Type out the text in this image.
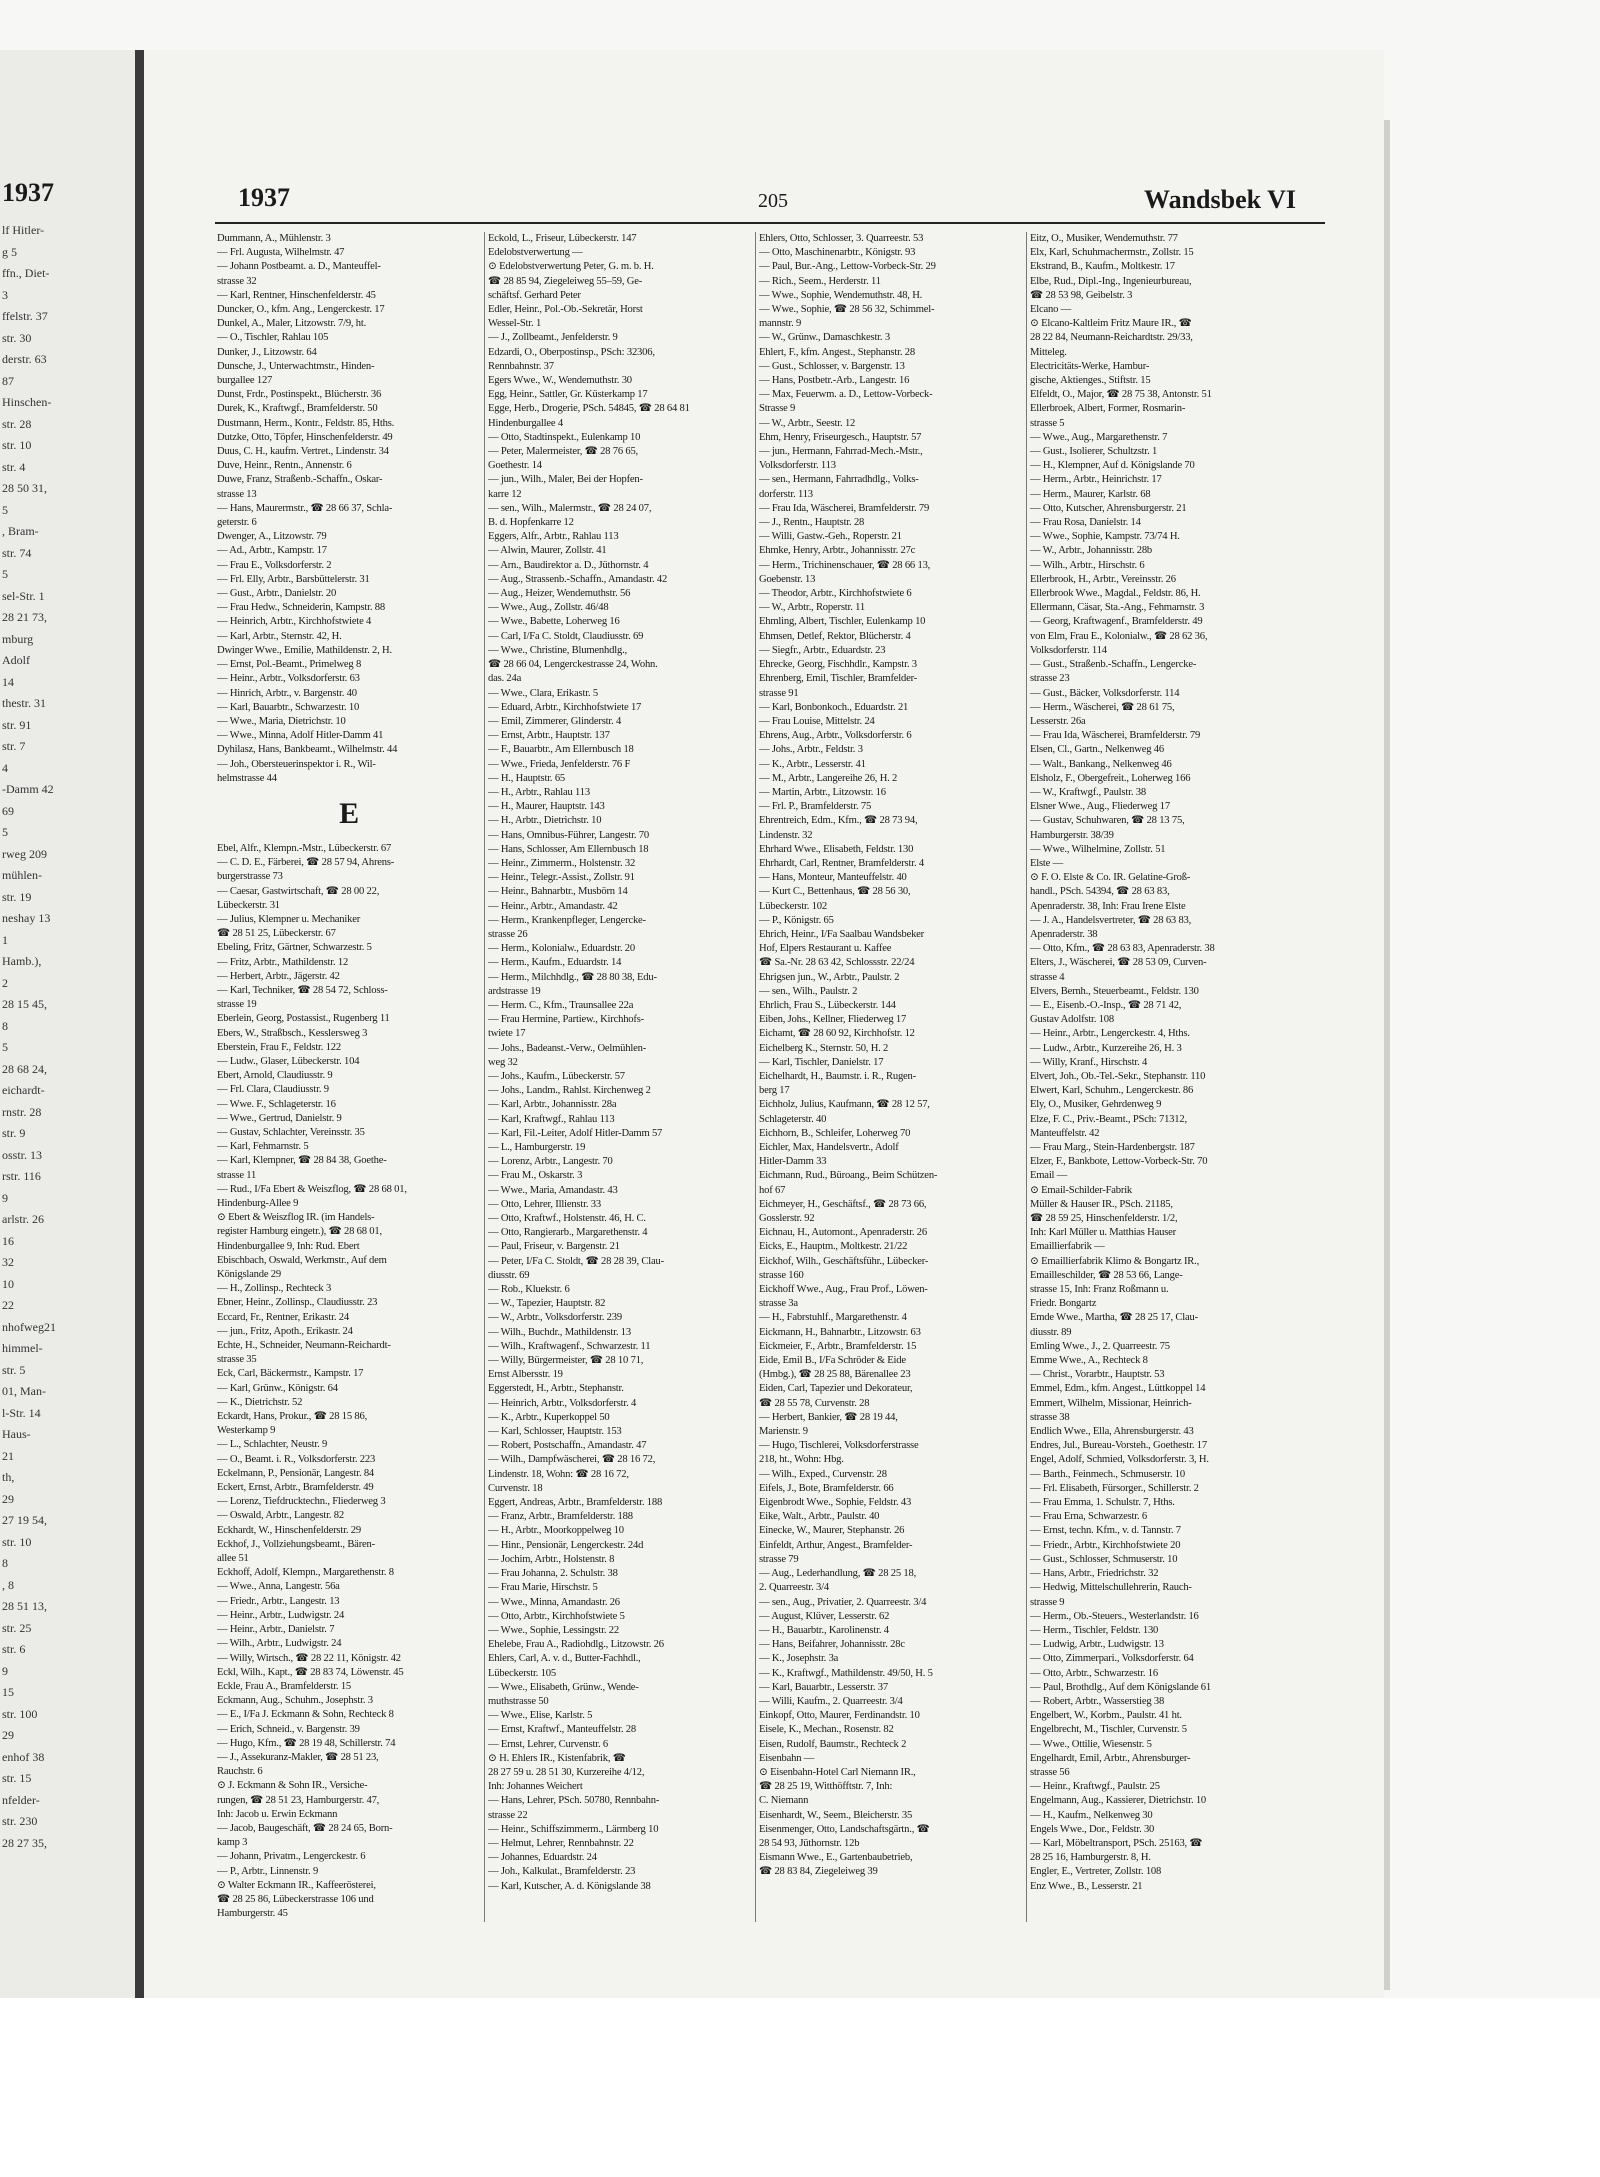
1937
lf Hitler-
g 5
ffn., Diet-
3
ffelstr. 37
str. 30
derstr. 63
87
Hinschen-
str. 28
str. 10
str. 4
28 50 31,
5
, Bram-
str. 74
5
sel-Str. 1
28 21 73,
mburg
Adolf
14
thestr. 31
str. 91
str. 7
4
-Damm 42
69
5
rweg 209
mühlen-
str. 19
neshay 13
1
Hamb.),
2
28 15 45,
8
5
28 68 24,
eichardt-
rnstr. 28
str. 9
osstr. 13
rstr. 116
9
arlstr. 26
16
32
10
22
nhofweg21
himmel-
str. 5
01, Man-
l-Str. 14
Haus-
21
th,
29
27 19 54,
str. 10
8
, 8
28 51 13,
str. 25
str. 6
9
15
str. 100
29
enhof 38
str. 15
nfelder-
str. 230
28 27 35,
1937	205	Wandsbek VI
Dummann, A., Mühlenstr. 3
— Frl. Augusta, Wilhelmstr. 47
— Johann Postbeamt. a. D., Manteuffel-
strasse 32
— Karl, Rentner, Hinschenfelderstr. 45
Duncker, O., kfm. Ang., Lengerckestr. 17
Dunkel, A., Maler, Litzowstr. 7/9, ht.
— O., Tischler, Rahlau 105
Dunker, J., Litzowstr. 64
Dunsche, J., Unterwachtmstr., Hinden-
burgallee 127
Dunst, Frdr., Postinspekt., Blücherstr. 36
Durek, K., Kraftwgf., Bramfelderstr. 50
Dustmann, Herm., Kontr., Feldstr. 85, Hths.
Dutzke, Otto, Töpfer, Hinschenfelderstr. 49
Duus, C. H., kaufm. Vertret., Lindenstr. 34
Duve, Heinr., Rentn., Annenstr. 6
Duwe, Franz, Straßenb.-Schaffn., Oskar-
strasse 13
— Hans, Maurermstr., ☎ 28 66 37, Schla-
geterstr. 6
Dwenger, A., Litzowstr. 79
— Ad., Arbtr., Kampstr. 17
— Frau E., Volksdorferstr. 2
— Frl. Elly, Arbtr., Barsbüttelerstr. 31
— Gust., Arbtr., Danielstr. 20
— Frau Hedw., Schneiderin, Kampstr. 88
— Heinrich, Arbtr., Kirchhofstwiete 4
— Karl, Arbtr., Sternstr. 42, H.
Dwinger Wwe., Emilie, Mathildenstr. 2, H.
— Ernst, Pol.-Beamt., Primelweg 8
— Heinr., Arbtr., Volksdorferstr. 63
— Hinrich, Arbtr., v. Bargenstr. 40
— Karl, Bauarbtr., Schwarzestr. 10
— Wwe., Maria, Dietrichstr. 10
— Wwe., Minna, Adolf Hitler-Damm 41
Dyhilasz, Hans, Bankbeamt., Wilhelmstr. 44
— Joh., Obersteuerinspektor i. R., Wil-
helmstrasse 44
E
Ebel, Alfr., Klempn.-Mstr., Lübeckerstr. 67
— C. D. E., Färberei, ☎ 28 57 94, Ahrens-
burgerstrasse 73
— Caesar, Gastwirtschaft, ☎ 28 00 22,
Lübeckerstr. 31
— Julius, Klempner u. Mechaniker
☎ 28 51 25, Lübeckerstr. 67
Ebeling, Fritz, Gärtner, Schwarzestr. 5
— Fritz, Arbtr., Mathildenstr. 12
— Herbert, Arbtr., Jägerstr. 42
— Karl, Techniker, ☎ 28 54 72, Schloss-
strasse 19
Eberlein, Georg, Postassist., Rugenberg 11
Ebers, W., Straßbsch., Kesslersweg 3
Eberstein, Frau F., Feldstr. 122
— Ludw., Glaser, Lübeckerstr. 104
Ebert, Arnold, Claudiusstr. 9
— Frl. Clara, Claudiusstr. 9
— Wwe. F., Schlageterstr. 16
— Wwe., Gertrud, Danielstr. 9
— Gustav, Schlachter, Vereinsstr. 35
— Karl, Fehmarnstr. 5
— Karl, Klempner, ☎ 28 84 38, Goethe-
strasse 11
— Rud., I/Fa Ebert & Weiszflog, ☎ 28 68 01,
Hindenburg-Allee 9
⊙ Ebert & Weiszflog IR. (im Handels-
register Hamburg eingetr.), ☎ 28 68 01,
Hindenburgallee 9, Inh: Rud. Ebert
Ebischbach, Oswald, Werkmstr., Auf dem
Königslande 29
— H., Zollinsp., Rechteck 3
Ebner, Heinr., Zollinsp., Claudiusstr. 23
Eccard, Fr., Rentner, Erikastr. 24
— jun., Fritz, Apoth., Erikastr. 24
Echte, H., Schneider, Neumann-Reichardt-
strasse 35
Eck, Carl, Bäckermstr., Kampstr. 17
— Karl, Grünw., Königstr. 64
— K., Dietrichstr. 52
Eckardt, Hans, Prokur., ☎ 28 15 86,
Westerkamp 9
— L., Schlachter, Neustr. 9
— O., Beamt. i. R., Volksdorferstr. 223
Eckelmann, P., Pensionär, Langestr. 84
Eckert, Ernst, Arbtr., Bramfelderstr. 49
— Lorenz, Tiefdrucktechn., Fliederweg 3
— Oswald, Arbtr., Langestr. 82
Eckhardt, W., Hinschenfelderstr. 29
Eckhof, J., Vollziehungsbeamt., Bären-
allee 51
Eckhoff, Adolf, Klempn., Margarethenstr. 8
— Wwe., Anna, Langestr. 56a
— Friedr., Arbtr., Langestr. 13
— Heinr., Arbtr., Ludwigstr. 24
— Heinr., Arbtr., Danielstr. 7
— Wilh., Arbtr., Ludwigstr. 24
— Willy, Wirtsch., ☎ 28 22 11, Königstr. 42
Eckl, Wilh., Kapt., ☎ 28 83 74, Löwenstr. 45
Eckle, Frau A., Bramfelderstr. 15
Eckmann, Aug., Schuhm., Josephstr. 3
— E., I/Fa J. Eckmann & Sohn, Rechteck 8
— Erich, Schneid., v. Bargenstr. 39
— Hugo, Kfm., ☎ 28 19 48, Schillerstr. 74
— J., Assekuranz-Makler, ☎ 28 51 23,
Rauchstr. 6
⊙ J. Eckmann & Sohn IR., Versiche-
rungen, ☎ 28 51 23, Hamburgerstr. 47,
Inh: Jacob u. Erwin Eckmann
— Jacob, Baugeschäft, ☎ 28 24 65, Born-
kamp 3
— Johann, Privatm., Lengerckestr. 6
— P., Arbtr., Linnenstr. 9
⊙ Walter Eckmann IR., Kaffeerösterei,
☎ 28 25 86, Lübeckerstrasse 106 und
Hamburgerstr. 45
Eckold, L., Friseur, Lübeckerstr. 147
Edelobstverwertung —
⊙ Edelobstverwertung Peter, G. m. b. H.
☎ 28 85 94, Ziegeleiweg 55–59, Ge-
schäftsf. Gerhard Peter
Edler, Heinr., Pol.-Ob.-Sekretär, Horst
Wessel-Str. 1
— J., Zollbeamt., Jenfelderstr. 9
Edzardi, O., Oberpostinsp., PSch: 32306,
Rennbahnstr. 37
Egers Wwe., W., Wendemuthstr. 30
Egg, Heinr., Sattler, Gr. Küsterkamp 17
Egge, Herb., Drogerie, PSch. 54845, ☎ 28 64 81
Hindenburgallee 4
— Otto, Stadtinspekt., Eulenkamp 10
— Peter, Malermeister, ☎ 28 76 65,
Goethestr. 14
— jun., Wilh., Maler, Bei der Hopfen-
karre 12
— sen., Wilh., Malermstr., ☎ 28 24 07,
B. d. Hopfenkarre 12
Eggers, Alfr., Arbtr., Rahlau 113
— Alwin, Maurer, Zollstr. 41
— Arn., Baudirektor a. D., Jüthornstr. 4
— Aug., Strassenb.-Schaffn., Amandastr. 42
— Aug., Heizer, Wendemuthstr. 56
— Wwe., Aug., Zollstr. 46/48
— Wwe., Babette, Loherweg 16
— Carl, I/Fa C. Stoldt, Claudiusstr. 69
— Wwe., Christine, Blumenhdlg.,
☎ 28 66 04, Lengerckestrasse 24, Wohn.
das. 24a
— Wwe., Clara, Erikastr. 5
— Eduard, Arbtr., Kirchhofstwiete 17
— Emil, Zimmerer, Glinderstr. 4
— Ernst, Arbtr., Hauptstr. 137
— F., Bauarbtr., Am Ellernbusch 18
— Wwe., Frieda, Jenfelderstr. 76 F
— H., Hauptstr. 65
— H., Arbtr., Rahlau 113
— H., Maurer, Hauptstr. 143
— H., Arbtr., Dietrichstr. 10
— Hans, Omnibus-Führer, Langestr. 70
— Hans, Schlosser, Am Ellernbusch 18
— Heinr., Zimmerm., Holstenstr. 32
— Heinr., Telegr.-Assist., Zollstr. 91
— Heinr., Bahnarbtr., Musbörn 14
— Heinr., Arbtr., Amandastr. 42
— Herm., Krankenpfleger, Lengercke-
strasse 26
— Herm., Kolonialw., Eduardstr. 20
— Herm., Kaufm., Eduardstr. 14
— Herm., Milchhdlg., ☎ 28 80 38, Edu-
ardstrasse 19
— Herm. C., Kfm., Traunsallee 22a
— Frau Hermine, Partiew., Kirchhofs-
twiete 17
— Johs., Badeanst.-Verw., Oelmühlen-
weg 32
— Johs., Kaufm., Lübeckerstr. 57
— Johs., Landm., Rahlst. Kirchenweg 2
— Karl, Arbtr., Johannisstr. 28a
— Karl, Kraftwgf., Rahlau 113
— Karl, Fil.-Leiter, Adolf Hitler-Damm 57
— L., Hamburgerstr. 19
— Lorenz, Arbtr., Langestr. 70
— Frau M., Oskarstr. 3
— Wwe., Maria, Amandastr. 43
— Otto, Lehrer, Illienstr. 33
— Otto, Kraftwf., Holstenstr. 46, H. C.
— Otto, Rangierarb., Margarethenstr. 4
— Paul, Friseur, v. Bargenstr. 21
— Peter, I/Fa C. Stoldt, ☎ 28 28 39, Clau-
diusstr. 69
— Rob., Kluekstr. 6
— W., Tapezier, Hauptstr. 82
— W., Arbtr., Volksdorferstr. 239
— Wilh., Buchdr., Mathildenstr. 13
— Wilh., Kraftwagenf., Schwarzestr. 11
— Willy, Bürgermeister, ☎ 28 10 71,
Ernst Albersstr. 19
Eggerstedt, H., Arbtr., Stephanstr.
— Heinrich, Arbtr., Volksdorferstr. 4
— K., Arbtr., Kuperkoppel 50
— Karl, Schlosser, Hauptstr. 153
— Robert, Postschaffn., Amandastr. 47
— Wilh., Dampfwäscherei, ☎ 28 16 72,
Lindenstr. 18, Wohn: ☎ 28 16 72,
Curvenstr. 18
Eggert, Andreas, Arbtr., Bramfelderstr. 188
— Franz, Arbtr., Bramfelderstr. 188
— H., Arbtr., Moorkoppelweg 10
— Hinr., Pensionär, Lengerckestr. 24d
— Jochim, Arbtr., Holstenstr. 8
— Frau Johanna, 2. Schulstr. 38
— Frau Marie, Hirschstr. 5
— Wwe., Minna, Amandastr. 26
— Otto, Arbtr., Kirchhofstwiete 5
— Wwe., Sophie, Lessingstr. 22
Ehelebe, Frau A., Radiohdlg., Litzowstr. 26
Ehlers, Carl, A. v. d., Butter-Fachhdl.,
Lübeckerstr. 105
— Wwe., Elisabeth, Grünw., Wende-
muthstrasse 50
— Wwe., Elise, Karlstr. 5
— Ernst, Kraftwf., Manteuffelstr. 28
— Ernst, Lehrer, Curvenstr. 6
⊙ H. Ehlers IR., Kistenfabrik, ☎
28 27 59 u. 28 51 30, Kurzereihe 4/12,
Inh: Johannes Weichert
— Hans, Lehrer, PSch. 50780, Rennbahn-
strasse 22
— Heinr., Schiffszimmerm., Lärmberg 10
— Helmut, Lehrer, Rennbahnstr. 22
— Johannes, Eduardstr. 24
— Joh., Kalkulat., Bramfelderstr. 23
— Karl, Kutscher, A. d. Königslande 38
Ehlers, Otto, Schlosser, 3. Quarreestr. 53
— Otto, Maschinenarbtr., Königstr. 93
— Paul, Bur.-Ang., Lettow-Vorbeck-Str. 29
— Rich., Seem., Herderstr. 11
— Wwe., Sophie, Wendemuthstr. 48, H.
— Wwe., Sophie, ☎ 28 56 32, Schimmel-
mannstr. 9
— W., Grünw., Damaschkestr. 3
Ehlert, F., kfm. Angest., Stephanstr. 28
— Gust., Schlosser, v. Bargenstr. 13
— Hans, Postbetr.-Arb., Langestr. 16
— Max, Feuerwm. a. D., Lettow-Vorbeck-
Strasse 9
— W., Arbtr., Seestr. 12
Ehm, Henry, Friseurgesch., Hauptstr. 57
— jun., Hermann, Fahrrad-Mech.-Mstr.,
Volksdorferstr. 113
— sen., Hermann, Fahrradhdlg., Volks-
dorferstr. 113
— Frau Ida, Wäscherei, Bramfelderstr. 79
— J., Rentn., Hauptstr. 28
— Willi, Gastw.-Geh., Roperstr. 21
Ehmke, Henry, Arbtr., Johannisstr. 27c
— Herm., Trichinenschauer, ☎ 28 66 13,
Goebenstr. 13
— Theodor, Arbtr., Kirchhofstwiete 6
— W., Arbtr., Roperstr. 11
Ehmling, Albert, Tischler, Eulenkamp 10
Ehmsen, Detlef, Rektor, Blücherstr. 4
— Siegfr., Arbtr., Eduardstr. 23
Ehrecke, Georg, Fischhdlr., Kampstr. 3
Ehrenberg, Emil, Tischler, Bramfelder-
strasse 91
— Karl, Bonbonkoch., Eduardstr. 21
— Frau Louise, Mittelstr. 24
Ehrens, Aug., Arbtr., Volksdorferstr. 6
— Johs., Arbtr., Feldstr. 3
— K., Arbtr., Lesserstr. 41
— M., Arbtr., Langereihe 26, H. 2
— Martin, Arbtr., Litzowstr. 16
— Frl. P., Bramfelderstr. 75
Ehrentreich, Edm., Kfm., ☎ 28 73 94,
Lindenstr. 32
Ehrhard Wwe., Elisabeth, Feldstr. 130
Ehrhardt, Carl, Rentner, Bramfelderstr. 4
— Hans, Monteur, Manteuffelstr. 40
— Kurt C., Bettenhaus, ☎ 28 56 30,
Lübeckerstr. 102
— P., Königstr. 65
Ehrich, Heinr., I/Fa Saalbau Wandsbeker
Hof, Elpers Restaurant u. Kaffee
☎ Sa.-Nr. 28 63 42, Schlossstr. 22/24
Ehrigsen jun., W., Arbtr., Paulstr. 2
— sen., Wilh., Paulstr. 2
Ehrlich, Frau S., Lübeckerstr. 144
Eiben, Johs., Kellner, Fliederweg 17
Eichamt, ☎ 28 60 92, Kirchhofstr. 12
Eichelberg K., Sternstr. 50, H. 2
— Karl, Tischler, Danielstr. 17
Eichelhardt, H., Baumstr. i. R., Rugen-
berg 17
Eichholz, Julius, Kaufmann, ☎ 28 12 57,
Schlageterstr. 40
Eichhorn, B., Schleifer, Loherweg 70
Eichler, Max, Handelsvertr., Adolf
Hitler-Damm 33
Eichmann, Rud., Büroang., Beim Schützen-
hof 67
Eichmeyer, H., Geschäftsf., ☎ 28 73 66,
Gosslerstr. 92
Eichnau, H., Automont., Apenraderstr. 26
Eicks, E., Hauptm., Moltkestr. 21/22
Eickhof, Wilh., Geschäftsführ., Lübecker-
strasse 160
Eickhoff Wwe., Aug., Frau Prof., Löwen-
strasse 3a
— H., Fabrstuhlf., Margarethenstr. 4
Eickmann, H., Bahnarbtr., Litzowstr. 63
Eickmeier, F., Arbtr., Bramfelderstr. 15
Eide, Emil B., I/Fa Schröder & Eide
(Hmbg.), ☎ 28 25 88, Bärenallee 23
Eiden, Carl, Tapezier und Dekorateur,
☎ 28 55 78, Curvenstr. 28
— Herbert, Bankier, ☎ 28 19 44,
Marienstr. 9
— Hugo, Tischlerei, Volksdorferstrasse
218, ht., Wohn: Hbg.
— Wilh., Exped., Curvenstr. 28
Eifels, J., Bote, Bramfelderstr. 66
Eigenbrodt Wwe., Sophie, Feldstr. 43
Eike, Walt., Arbtr., Paulstr. 40
Einecke, W., Maurer, Stephanstr. 26
Einfeldt, Arthur, Angest., Bramfelder-
strasse 79
— Aug., Lederhandlung, ☎ 28 25 18,
2. Quarreestr. 3/4
— sen., Aug., Privatier, 2. Quarreestr. 3/4
— August, Klüver, Lesserstr. 62
— H., Bauarbtr., Karolinenstr. 4
— Hans, Beifahrer, Johannisstr. 28c
— K., Josephstr. 3a
— K., Kraftwgf., Mathildenstr. 49/50, H. 5
— Karl, Bauarbtr., Lesserstr. 37
— Willi, Kaufm., 2. Quarreestr. 3/4
Einkopf, Otto, Maurer, Ferdinandstr. 10
Eisele, K., Mechan., Rosenstr. 82
Eisen, Rudolf, Baumstr., Rechteck 2
Eisenbahn —
⊙ Eisenbahn-Hotel Carl Niemann IR.,
☎ 28 25 19, Witthöfftstr. 7, Inh:
C. Niemann
Eisenhardt, W., Seem., Bleicherstr. 35
Eisenmenger, Otto, Landschaftsgärtn., ☎
28 54 93, Jüthornstr. 12b
Eismann Wwe., E., Gartenbaubetrieb,
☎ 28 83 84, Ziegeleiweg 39
Eitz, O., Musiker, Wendemuthstr. 77
Elx, Karl, Schuhmachermstr., Zollstr. 15
Ekstrand, B., Kaufm., Moltkestr. 17
Elbe, Rud., Dipl.-Ing., Ingenieurbureau,
☎ 28 53 98, Geibelstr. 3
Elcano —
⊙ Elcano-Kaltleim Fritz Maure IR., ☎
28 22 84, Neumann-Reichardtstr. 29/33,
Mitteleg.
Electricitäts-Werke, Hambur-
gische, Aktienges., Stiftstr. 15
Elfeldt, O., Major, ☎ 28 75 38, Antonstr. 51
Ellerbroek, Albert, Former, Rosmarin-
strasse 5
— Wwe., Aug., Margarethenstr. 7
— Gust., Isolierer, Schultzstr. 1
— H., Klempner, Auf d. Königslande 70
— Herm., Arbtr., Heinrichstr. 17
— Herm., Maurer, Karlstr. 68
— Otto, Kutscher, Ahrensburgerstr. 21
— Frau Rosa, Danielstr. 14
— Wwe., Sophie, Kampstr. 73/74 H.
— W., Arbtr., Johannisstr. 28b
— Wilh., Arbtr., Hirschstr. 6
Ellerbrook, H., Arbtr., Vereinsstr. 26
Ellerbrook Wwe., Magdal., Feldstr. 86, H.
Ellermann, Cäsar, Sta.-Ang., Fehmarnstr. 3
— Georg, Kraftwagenf., Bramfelderstr. 49
von Elm, Frau E., Kolonialw., ☎ 28 62 36,
Volksdorferstr. 114
— Gust., Straßenb.-Schaffn., Lengercke-
strasse 23
— Gust., Bäcker, Volksdorferstr. 114
— Herm., Wäscherei, ☎ 28 61 75,
Lesserstr. 26a
— Frau Ida, Wäscherei, Bramfelderstr. 79
Elsen, Cl., Gartn., Nelkenweg 46
— Walt., Bankang., Nelkenweg 46
Elsholz, F., Obergefreit., Loherweg 166
— W., Kraftwgf., Paulstr. 38
Elsner Wwe., Aug., Fliederweg 17
— Gustav, Schuhwaren, ☎ 28 13 75,
Hamburgerstr. 38/39
— Wwe., Wilhelmine, Zollstr. 51
Elste —
⊙ F. O. Elste & Co. IR. Gelatine-Groß-
handl., PSch. 54394, ☎ 28 63 83,
Apenraderstr. 38, Inh: Frau Irene Elste
— J. A., Handelsvertreter, ☎ 28 63 83,
Apenraderstr. 38
— Otto, Kfm., ☎ 28 63 83, Apenraderstr. 38
Elters, J., Wäscherei, ☎ 28 53 09, Curven-
strasse 4
Elvers, Bernh., Steuerbeamt., Feldstr. 130
— E., Eisenb.-O.-Insp., ☎ 28 71 42,
Gustav Adolfstr. 108
— Heinr., Arbtr., Lengerckestr. 4, Hths.
— Ludw., Arbtr., Kurzereihe 26, H. 3
— Willy, Kranf., Hirschstr. 4
Elvert, Joh., Ob.-Tel.-Sekr., Stephanstr. 110
Elwert, Karl, Schuhm., Lengerckestr. 86
Ely, O., Musiker, Gehrdenweg 9
Elze, F. C., Priv.-Beamt., PSch: 71312,
Manteuffelstr. 42
— Frau Marg., Stein-Hardenbergstr. 187
Elzer, F., Bankbote, Lettow-Vorbeck-Str. 70
Email —
⊙ Email-Schilder-Fabrik
Müller & Hauser IR., PSch. 21185,
☎ 28 59 25, Hinschenfelderstr. 1/2,
Inh: Karl Müller u. Matthias Hauser
Emaillierfabrik —
⊙ Emaillierfabrik Klimo & Bongartz IR.,
Emailleschilder, ☎ 28 53 66, Lange-
strasse 15, Inh: Franz Roßmann u.
Friedr. Bongartz
Emde Wwe., Martha, ☎ 28 25 17, Clau-
diusstr. 89
Emling Wwe., J., 2. Quarreestr. 75
Emme Wwe., A., Rechteck 8
— Christ., Vorarbtr., Hauptstr. 53
Emmel, Edm., kfm. Angest., Lüttkoppel 14
Emmert, Wilhelm, Missionar, Heinrich-
strasse 38
Endlich Wwe., Ella, Ahrensburgerstr. 43
Endres, Jul., Bureau-Vorsteh., Goethestr. 17
Engel, Adolf, Schmied, Volksdorferstr. 3, H.
— Barth., Feinmech., Schmuserstr. 10
— Frl. Elisabeth, Fürsorger., Schillerstr. 2
— Frau Emma, 1. Schulstr. 7, Hths.
— Frau Erna, Schwarzestr. 6
— Ernst, techn. Kfm., v. d. Tannstr. 7
— Friedr., Arbtr., Kirchhofstwiete 20
— Gust., Schlosser, Schmuserstr. 10
— Hans, Arbtr., Friedrichstr. 32
— Hedwig, Mittelschullehrerin, Rauch-
strasse 9
— Herm., Ob.-Steuers., Westerlandstr. 16
— Herm., Tischler, Feldstr. 130
— Ludwig, Arbtr., Ludwigstr. 13
— Otto, Zimmerpari., Volksdorferstr. 64
— Otto, Arbtr., Schwarzestr. 16
— Paul, Brothdlg., Auf dem Königslande 61
— Robert, Arbtr., Wasserstieg 38
Engelbert, W., Korbm., Paulstr. 41 ht.
Engelbrecht, M., Tischler, Curvenstr. 5
— Wwe., Ottilie, Wiesenstr. 5
Engelhardt, Emil, Arbtr., Ahrensburger-
strasse 56
— Heinr., Kraftwgf., Paulstr. 25
Engelmann, Aug., Kassierer, Dietrichstr. 10
— H., Kaufm., Nelkenweg 30
Engels Wwe., Dor., Feldstr. 30
— Karl, Möbeltransport, PSch. 25163, ☎
28 25 16, Hamburgerstr. 8, H.
Engler, E., Vertreter, Zollstr. 108
Enz Wwe., B., Lesserstr. 21
